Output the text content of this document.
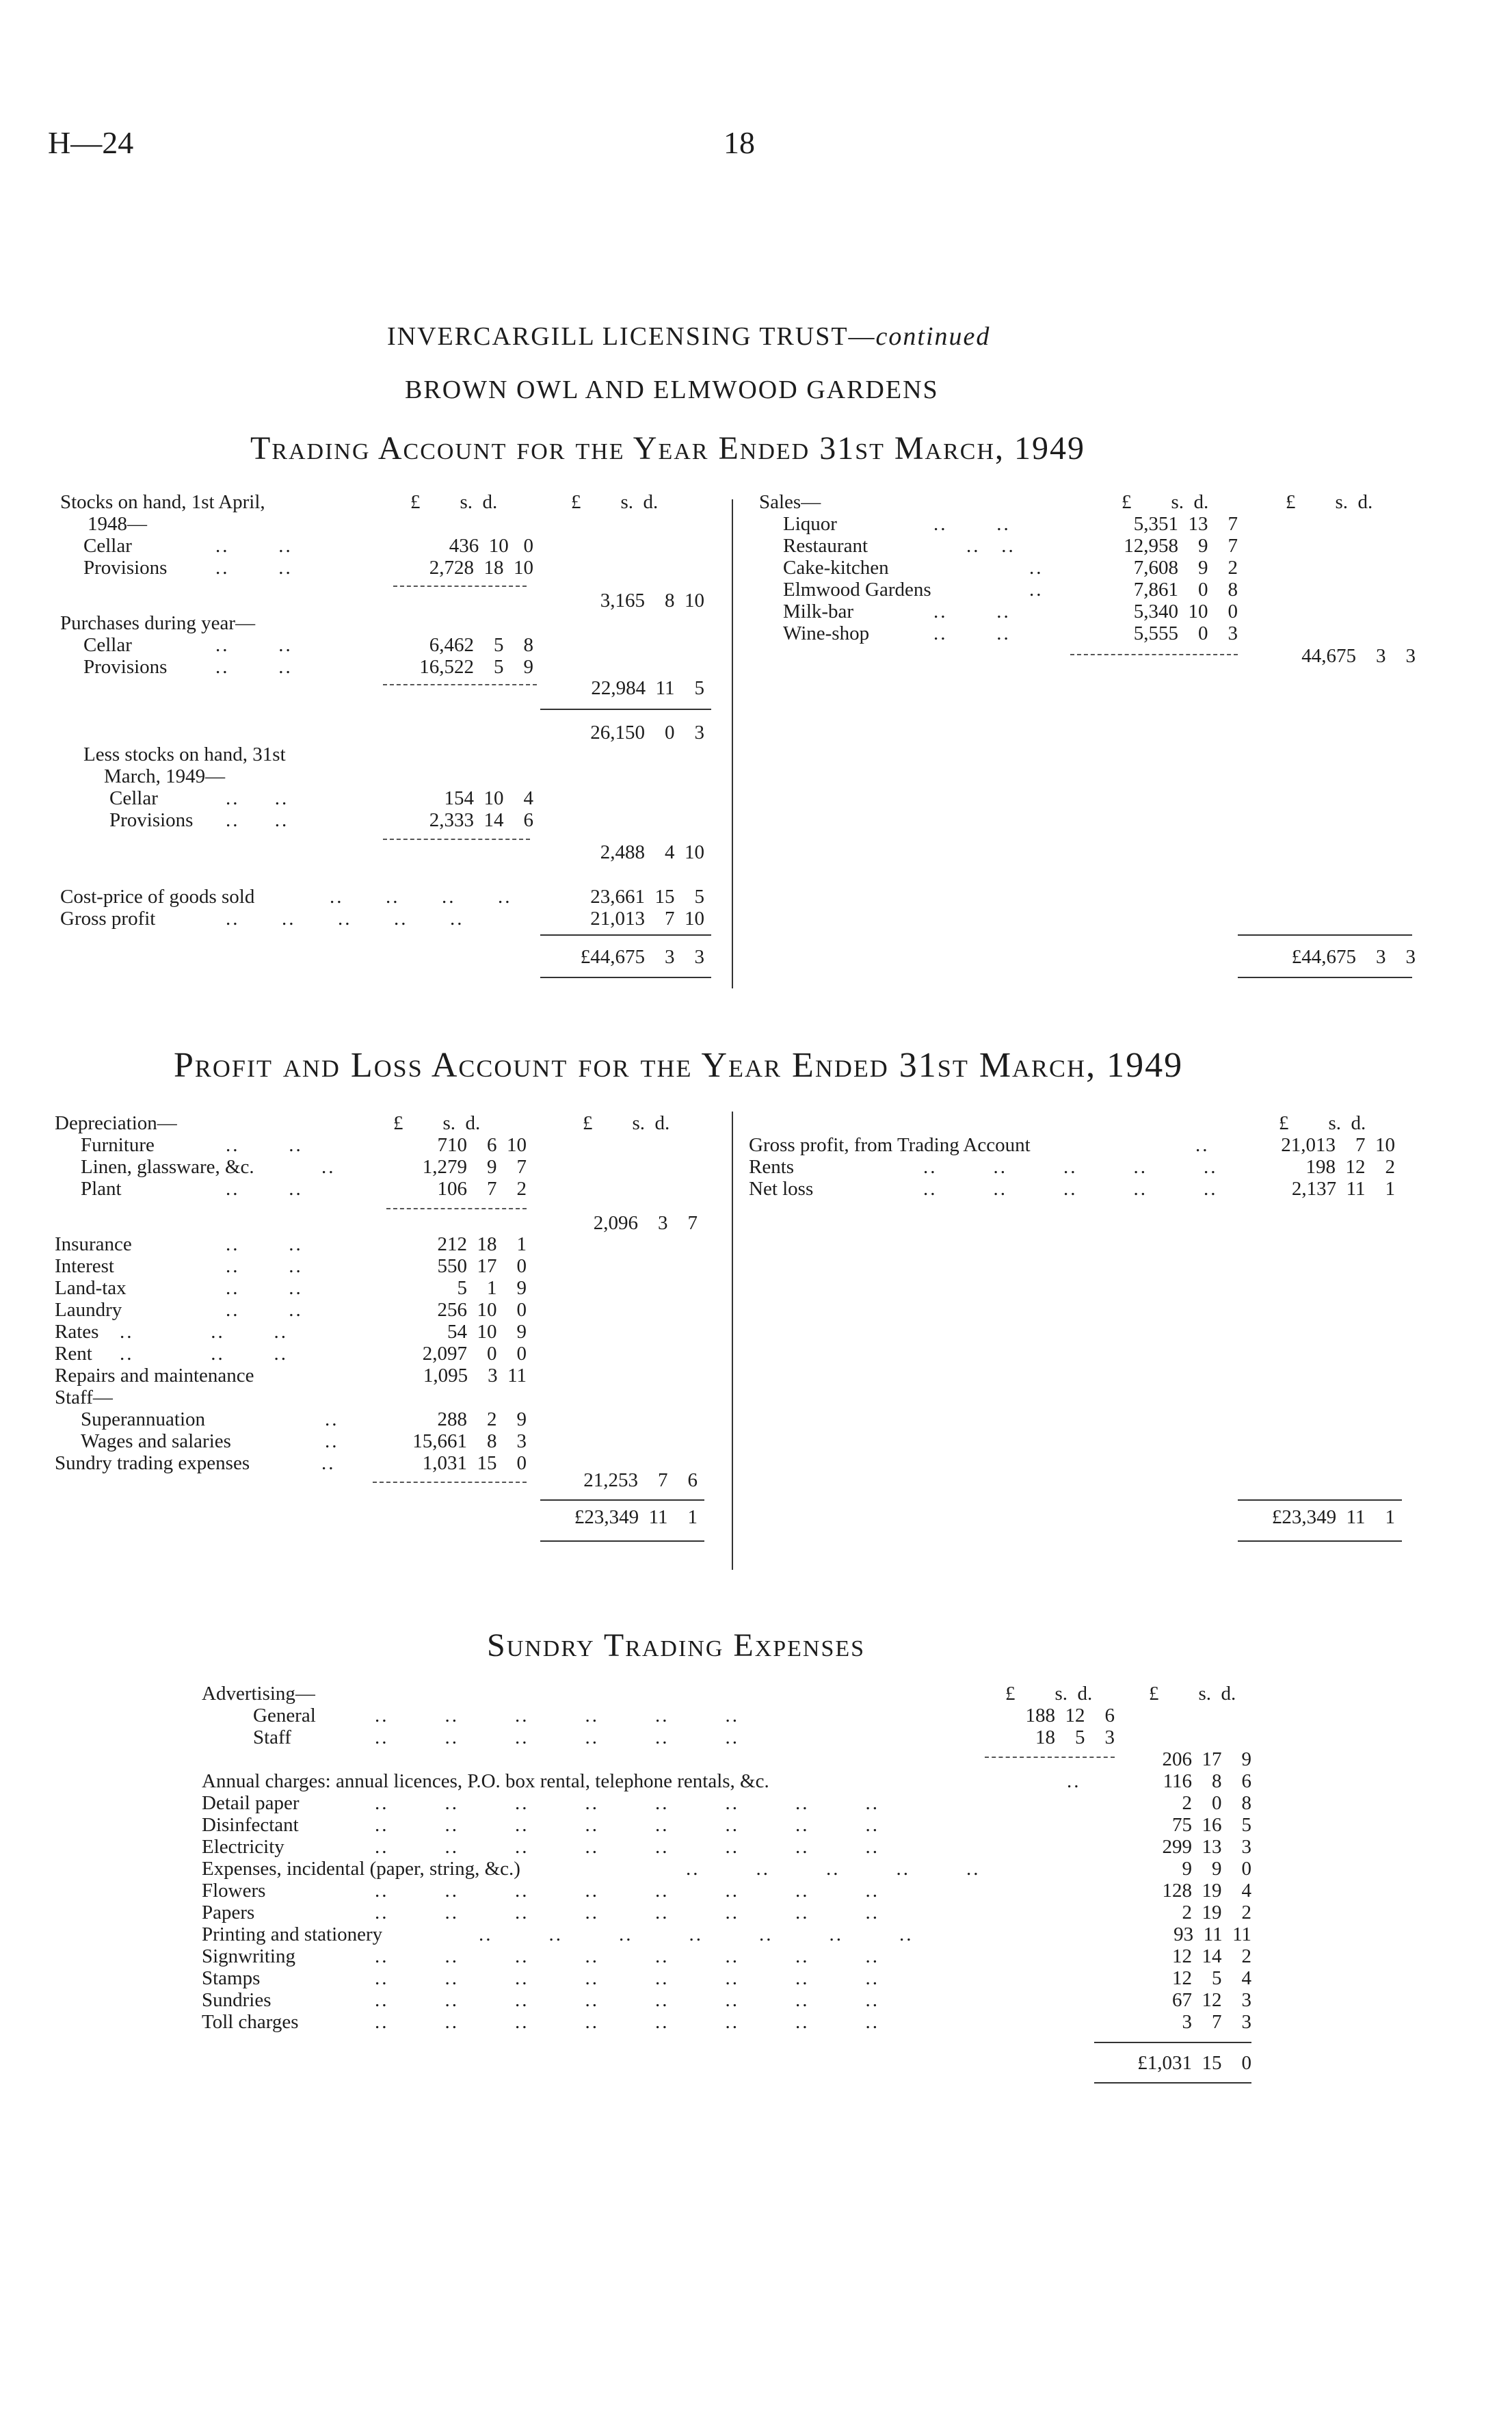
H—24	18
INVERCARGILL LICENSING TRUST—continued
BROWN OWL AND ELMWOOD GARDENS
Trading Account for the Year Ended 31st March, 1949
Stocks on hand, 1st April,
1948—
£        s.  d.	£        s.  d.
Cellar	..       ..	436  10   0
Provisions ..       ..	2,728  18  10
3,165    8  10
Purchases during year—
Cellar	..       ..	6,462    5    8
Provisions ..       ..	16,522    5    9
22,984  11    5
26,150    0    3
Less stocks on hand, 31st
March, 1949—
Cellar	..     ..	154  10    4
Provisions ..     ..	2,333  14    6
2,488    4  10
Cost-price of goods sold	..      ..      ..      ..	23,661  15    5
Gross profit	..      ..      ..      ..      ..	21,013    7  10
£44,675    3    3
Sales—	£        s.  d.	£        s.  d.
Liquor	..       ..	5,351  13    7
Restaurant	..   ..	12,958    9    7
Cake-kitchen	..	7,608    9    2
Elmwood Gardens	..	7,861    0    8
Milk-bar	..       ..	5,340  10    0
Wine-shop	..       ..	5,555    0    3
44,675    3    3
£44,675    3    3
Profit and Loss Account for the Year Ended 31st March, 1949
Depreciation—	£        s.  d.	£        s.  d.
Furniture	..       ..	710    6  10
Linen, glassware, &c.	..	1,279    9    7
Plant	..       ..	106    7    2
2,096    3    7
Insurance	..       ..	212  18    1
Interest	..       ..	550  17    0
Land-tax	..       ..	5    1    9
Laundry	..       ..	256  10    0
Rates ..           ..       ..	54  10    9
Rent ..           ..       ..	2,097    0    0
Repairs and maintenance	1,095    3  11
Staff—
Superannuation	..	288    2    9
Wages and salaries	..	15,661    8    3
Sundry trading expenses	..	1,031  15    0
21,253    7    6
£23,349  11    1
£        s.  d.
Gross profit, from Trading Account	..	21,013    7  10
Rents	..        ..        ..        ..        ..	198  12    2
Net loss	..        ..        ..        ..        ..	2,137  11    1
£23,349  11    1
Sundry Trading Expenses
Advertising—	£        s.  d.	£        s.  d.
General	..        ..        ..        ..        ..        ..	188  12    6
Staff	..        ..        ..        ..        ..        ..	18    5    3
206  17    9
Annual charges: annual licences, P.O. box rental, telephone rentals, &c.	..	116    8    6
Detail paper	..        ..        ..        ..        ..        ..        ..        ..	2    0    8
Disinfectant	..        ..        ..        ..        ..        ..        ..        ..	75  16    5
Electricity	..        ..        ..        ..        ..        ..        ..        ..	299  13    3
Expenses, incidental (paper, string, &c.)	..        ..        ..        ..        ..	9    9    0
Flowers	..        ..        ..        ..        ..        ..        ..        ..	128  19    4
Papers	..        ..        ..        ..        ..        ..        ..        ..	2  19    2
Printing and stationery	..        ..        ..        ..        ..        ..        ..	93  11  11
Signwriting	..        ..        ..        ..        ..        ..        ..        ..	12  14    2
Stamps	..        ..        ..        ..        ..        ..        ..        ..	12    5    4
Sundries	..        ..        ..        ..        ..        ..        ..        ..	67  12    3
Toll charges	..        ..        ..        ..        ..        ..        ..        ..	3    7    3
£1,031  15    0
